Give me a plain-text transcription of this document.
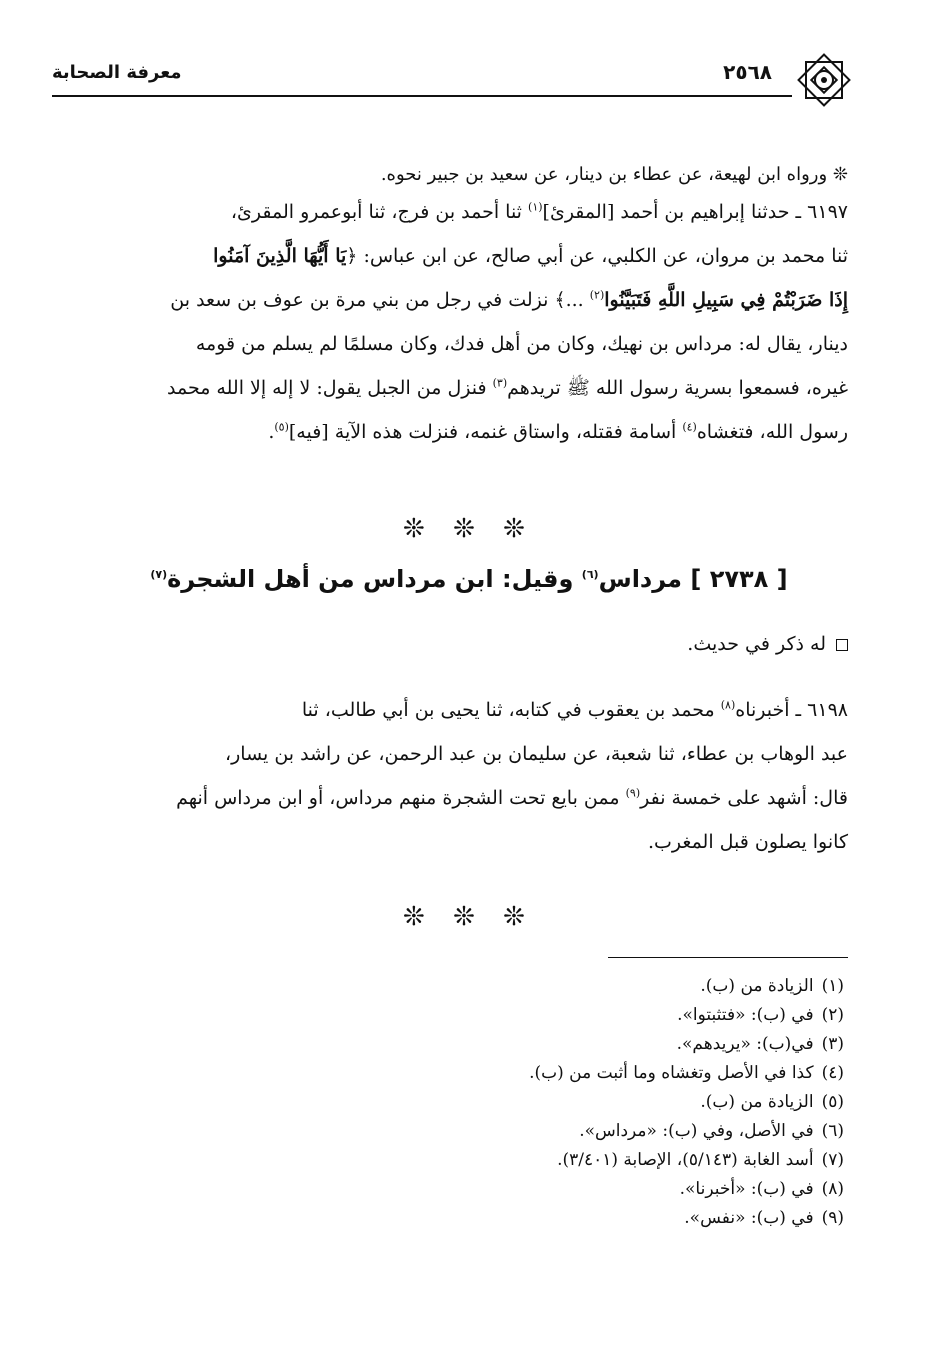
معرفة الصحابة	٢٥٦٨

❊ ورواه ابن لهيعة، عن عطاء بن دينار، عن سعيد بن جبير نحوه.

٦١٩٧ ـ حدثنا إبراهيم بن أحمد [المقرئ]$^{(١)}$ ثنا أحمد بن فرج، ثنا أبوعمرو المقرئ،
ثنا محمد بن مروان، عن الكلبي، عن أبي صالح، عن ابن عباس: ﴿يَا أَيُّهَا الَّذِينَ آمَنُوا
إِذَا ضَرَبْتُمْ فِي سَبِيلِ اللَّهِ فَتَبَيَّنُوا$^{(٢)}$ ...﴾ نزلت في رجل من بني مرة بن عوف بن سعد بن
دينار، يقال له: مرداس بن نهيك، وكان من أهل فدك، وكان مسلمًا لم يسلم من قومه
غيره، فسمعوا بسرية رسول الله ﷺ تريدهم$^{(٣)}$ فنزل من الجبل يقول: لا إله إلا الله محمد
رسول الله، فتغشاه$^{(٤)}$ أسامة فقتله، واستاق غنمه، فنزلت هذه الآية [فيه]$^{(٥)}$.
❊ ❊ ❊
[ ٢٧٣٨ ] مرداس$^{(٦)}$ وقيل: ابن مرداس من أهل الشجرة$^{(٧)}$
له ذكر في حديث.
٦١٩٨ ـ أخبرناه$^{(٨)}$ محمد بن يعقوب في كتابه، ثنا يحيى بن أبي طالب، ثنا
عبد الوهاب بن عطاء، ثنا شعبة، عن سليمان بن عبد الرحمن، عن راشد بن يسار،
قال: أشهد على خمسة نفر$^{(٩)}$ ممن بايع تحت الشجرة منهم مرداس، أو ابن مرداس أنهم
كانوا يصلون قبل المغرب.
❊ ❊ ❊
(١)الزيادة من (ب).
(٢)في (ب): «فتثبتوا».
(٣)في(ب): «يريدهم».
(٤)كذا في الأصل وتغشاه وما أثبت من (ب).
(٥)الزيادة من (ب).
(٦)في الأصل، وفي (ب): «مرداس».
(٧)أسد الغابة (٥/١٤٣)، الإصابة (٣/٤٠١).
(٨)في (ب): «أخبرنا».
(٩)في (ب): «نفس».
